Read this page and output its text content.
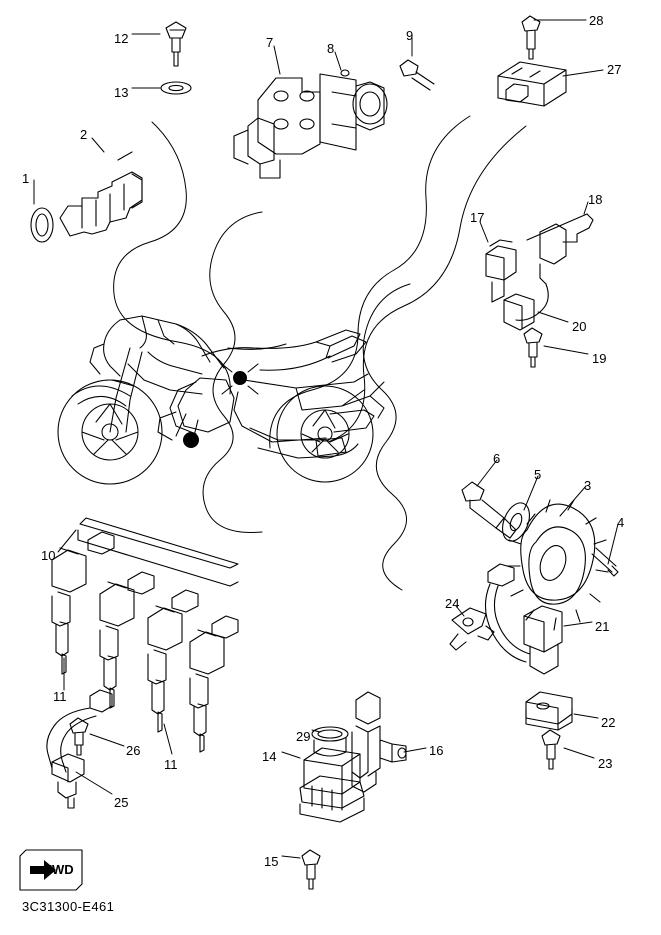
FWD
3C31300-E461
1
2
3
4
5
6
7	8
9
10
11
11
12
13
14
15
16
17
18
19
20
21
22
23
24
25
26
27
28
29
